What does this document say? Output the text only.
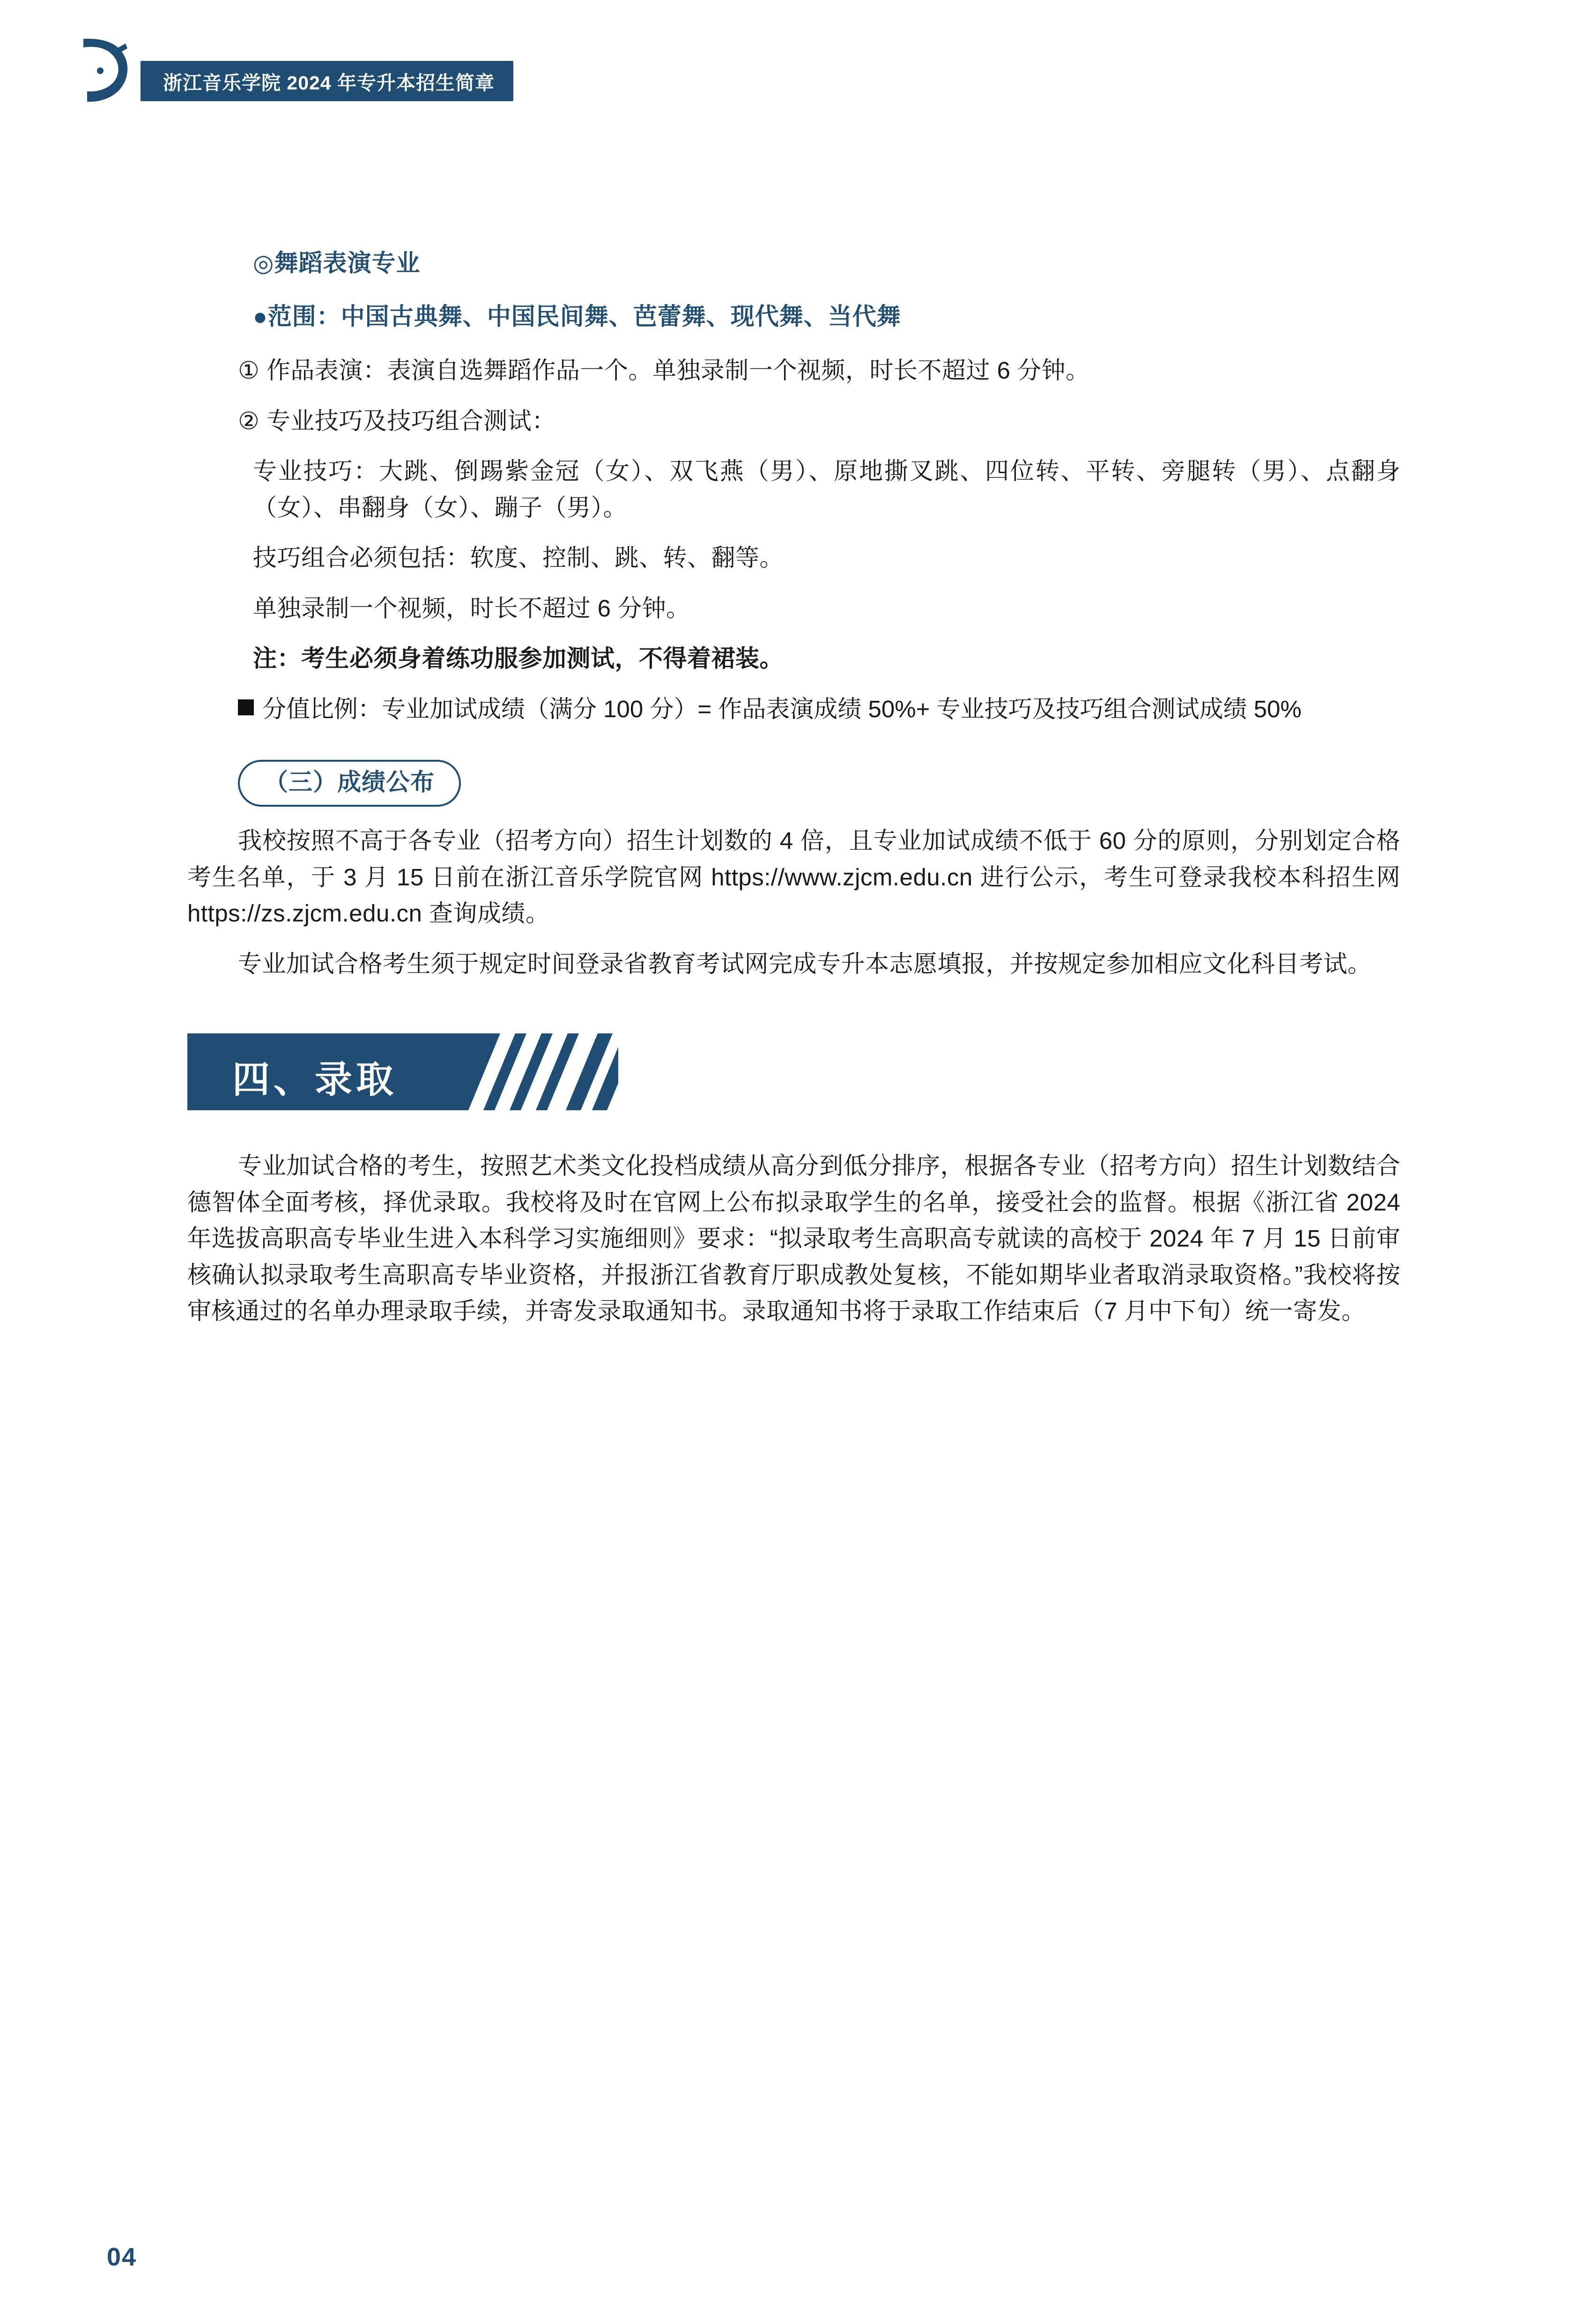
浙江音乐学院 2024 年专升本招生简章
◎舞蹈表演专业
●范围：中国古典舞、中国民间舞、芭蕾舞、现代舞、当代舞

① 作品表演：表演自选舞蹈作品一个。单独录制一个视频，时长不超过 6 分钟。

② 专业技巧及技巧组合测试：

专业技巧：大跳、倒踢紫金冠（女）、双飞燕（男）、原地撕叉跳、四位转、平转、旁腿转（男）、点翻身（女）、串翻身（女）、蹦子（男）。

技巧组合必须包括：软度、控制、跳、转、翻等。

单独录制一个视频，时长不超过 6 分钟。

注：考生必须身着练功服参加测试，不得着裙装。

分值比例：专业加试成绩（满分 100 分）= 作品表演成绩 50%+ 专业技巧及技巧组合测试成绩 50%

（三）成绩公布

我校按照不高于各专业（招考方向）招生计划数的 4 倍，且专业加试成绩不低于 60 分的原则，分别划定合格考生名单，于 3 月 15 日前在浙江音乐学院官网 https://www.zjcm.edu.cn 进行公示，考生可登录我校本科招生网 https://zs.zjcm.edu.cn 查询成绩。

专业加试合格考生须于规定时间登录省教育考试网完成专升本志愿填报，并按规定参加相应文化科目考试。

四、录取

专业加试合格的考生，按照艺术类文化投档成绩从高分到低分排序，根据各专业（招考方向）招生计划数结合德智体全面考核，择优录取。我校将及时在官网上公布拟录取学生的名单，接受社会的监督。根据《浙江省 2024 年选拔高职高专毕业生进入本科学习实施细则》要求：“拟录取考生高职高专就读的高校于 2024 年 7 月 15 日前审核确认拟录取考生高职高专毕业资格，并报浙江省教育厅职成教处复核，不能如期毕业者取消录取资格。”我校将按审核通过的名单办理录取手续，并寄发录取通知书。录取通知书将于录取工作结束后（7 月中下旬）统一寄发。

04
